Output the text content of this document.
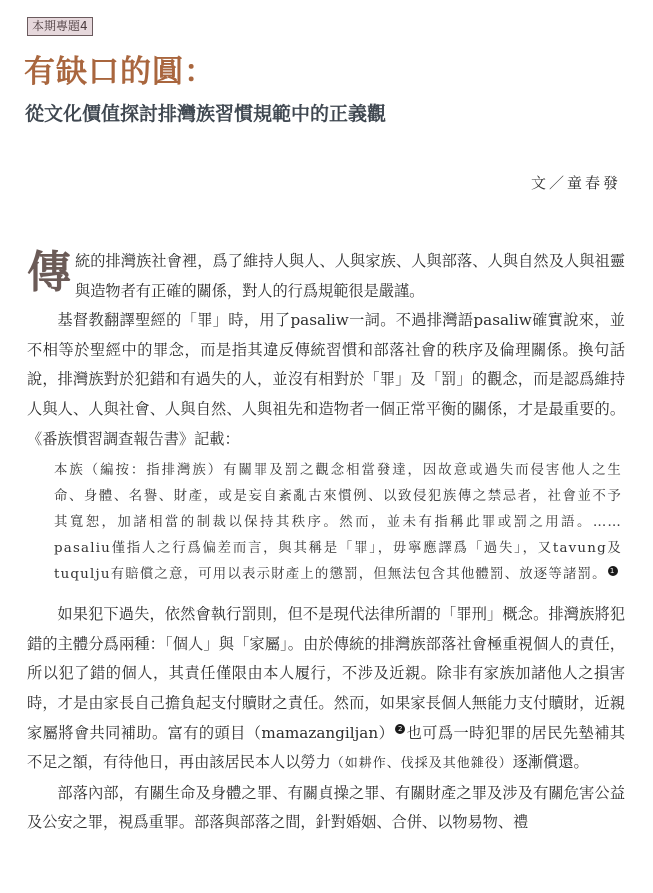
本期專題4
有缺口的圓：
從文化價值探討排灣族習慣規範中的正義觀
文／童春發

傳統的排灣族社會裡，爲了維持人與人、人與家族、人與部落、人與自然及人與祖靈與造物者有正確的關係，對人的行爲規範很是嚴謹。

基督教翻譯聖經的「罪」時，用了pasaliw一詞。不過排灣語pasaliw確實說來，並不相等於聖經中的罪念，而是指其違反傳統習慣和部落社會的秩序及倫理關係。換句話說，排灣族對於犯錯和有過失的人，並沒有相對於「罪」及「罰」的觀念，而是認爲維持人與人、人與社會、人與自然、人與祖先和造物者一個正常平衡的關係，才是最重要的。《番族慣習調查報告書》記載：

本族（編按：指排灣族）有關罪及罰之觀念相當發達，因故意或過失而侵害他人之生命、身體、名譽、財產，或是妄自紊亂古來慣例、以致侵犯族傳之禁忌者，社會並不予其寬恕，加諸相當的制裁以保持其秩序。然而，並未有指稱此罪或罰之用語。……pasaliu僅指人之行爲偏差而言，與其稱是「罪」，毋寧應譯爲「過失」，又tavung及tuqulju有賠償之意，可用以表示財產上的懲罰，但無法包含其他體罰、放逐等諸罰。 1

如果犯下過失，依然會執行罰則，但不是現代法律所謂的「罪刑」概念。排灣族將犯錯的主體分爲兩種：「個人」與「家屬」。由於傳統的排灣族部落社會極重視個人的責任，所以犯了錯的個人，其責任僅限由本人履行，不涉及近親。除非有家族加諸他人之損害時，才是由家長自己擔負起支付贖財之責任。然而，如果家長個人無能力支付贖財，近親家屬將會共同補助。富有的頭目（mamazangiljan） 2 也可爲一時犯罪的居民先墊補其不足之額，有待他日，再由該居民本人以勞力（如耕作、伐採及其他雜役）逐漸償還。

部落內部，有關生命及身體之罪、有關貞操之罪、有關財產之罪及涉及有關危害公益及公安之罪，視爲重罪。部落與部落之間，針對婚姻、合併、以物易物、禮
